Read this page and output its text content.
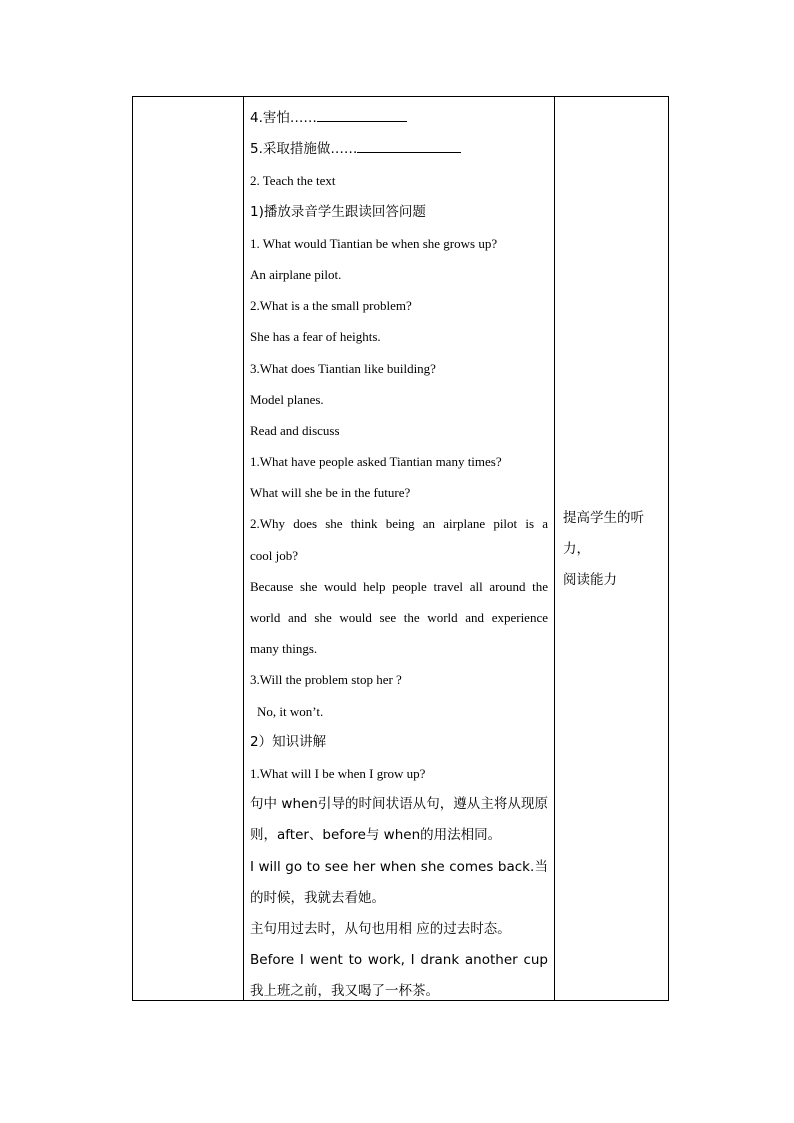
4.害怕……
5.采取措施做……
2. Teach the text
1)播放录音学生跟读回答问题
1. What would Tiantian be when she grows up?
An airplane pilot.
2.What is a the small problem?
She has a fear of heights.
3.What does Tiantian like building?
Model planes.
Read and discuss
1.What have people asked Tiantian many times?
What will she be in the future?
2.Why does she think being an airplane pilot is a
cool job?
Because she would help people travel all around the
world and she would see the world and experience
many things.
3.Will the problem stop her ?
No, it won’t.
2）知识讲解
1.What will I be when I grow up?
句中 when引导的时间状语从句，遵从主将从现原
则，after、before与 when的用法相同。
I will go to see her when she comes back.当
的时候，我就去看她。
主句用过去时，从句也用相 应的过去时态。
Before I went to work, I drank another cup
我上班之前，我又喝了一杯茶。
提高学生的听力，
阅读能力
